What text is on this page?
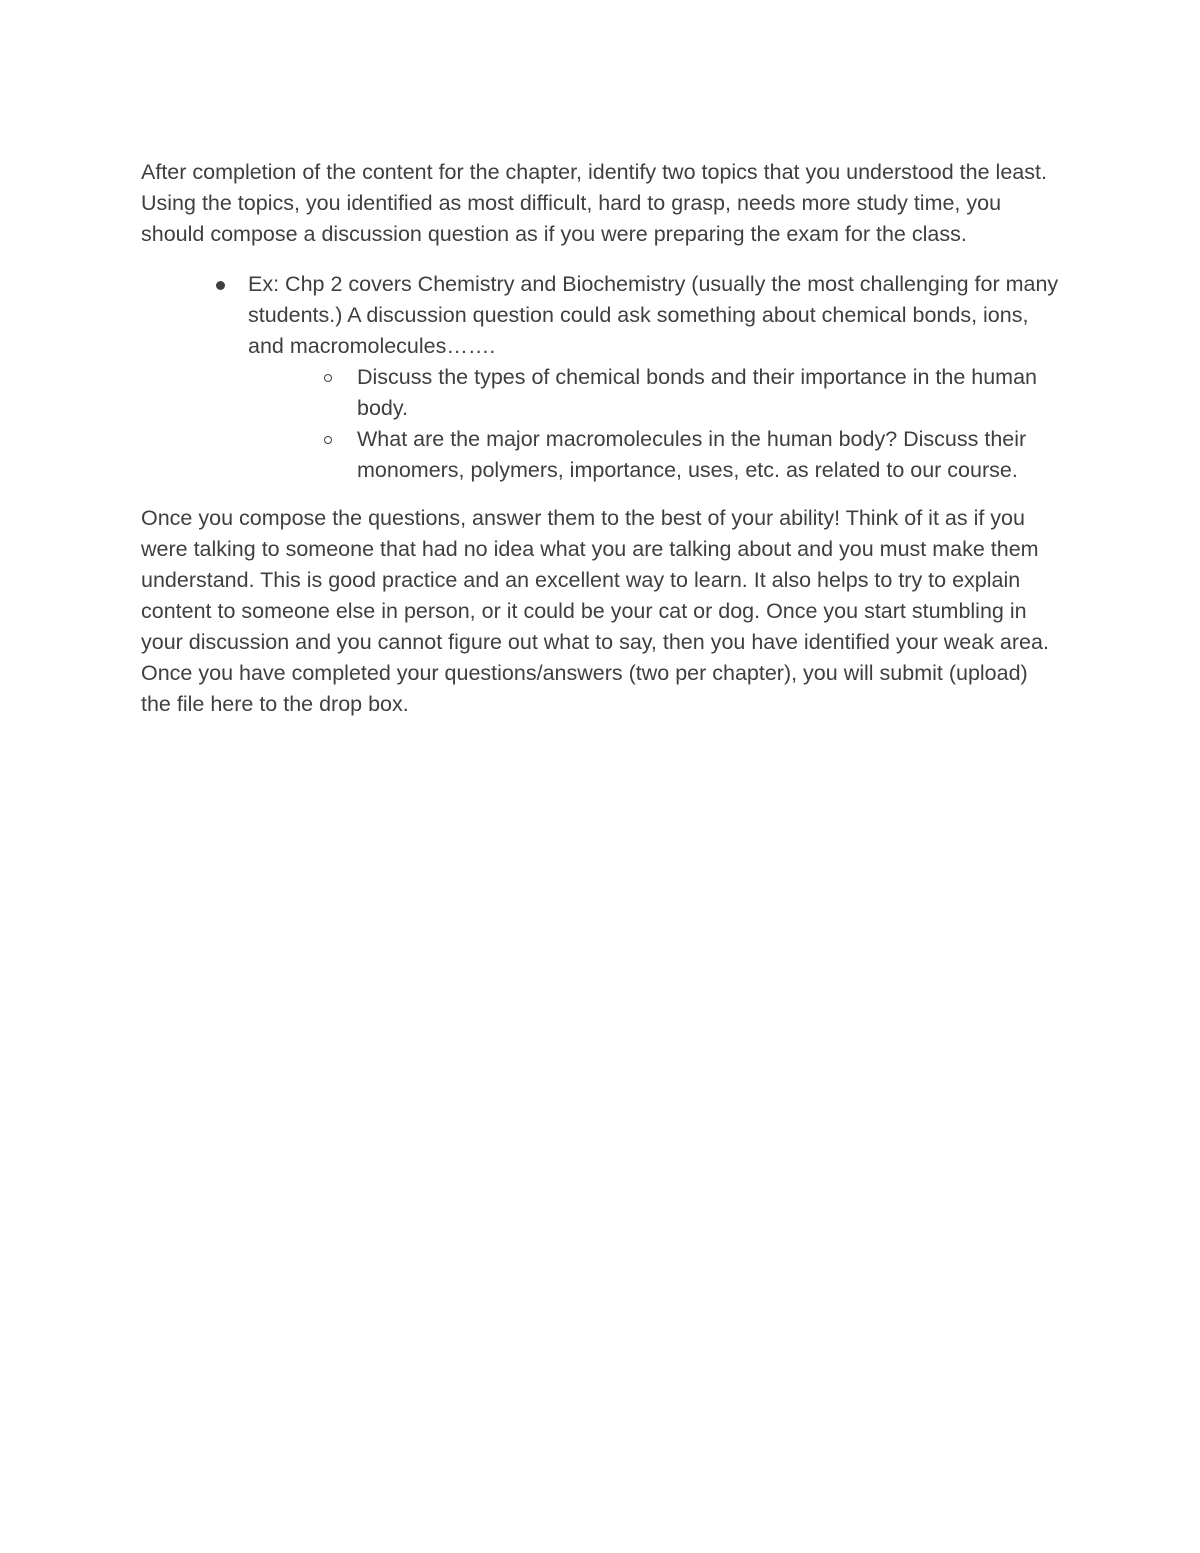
After completion of the content for the chapter, identify two topics that you understood the least. Using the topics, you identified as most difficult, hard to grasp, needs more study time, you should compose a discussion question as if you were preparing the exam for the class.

Ex: Chp 2 covers Chemistry and Biochemistry (usually the most challenging for many students.) A discussion question could ask something about chemical bonds, ions, and macromolecules…….
Discuss the types of chemical bonds and their importance in the human body.
What are the major macromolecules in the human body? Discuss their monomers, polymers, importance, uses, etc. as related to our course.

Once you compose the questions, answer them to the best of your ability! Think of it as if you were talking to someone that had no idea what you are talking about and you must make them understand. This is good practice and an excellent way to learn. It also helps to try to explain content to someone else in person, or it could be your cat or dog. Once you start stumbling in your discussion and you cannot figure out what to say, then you have identified your weak area. Once you have completed your questions/answers (two per chapter), you will submit (upload) the file here to the drop box.
